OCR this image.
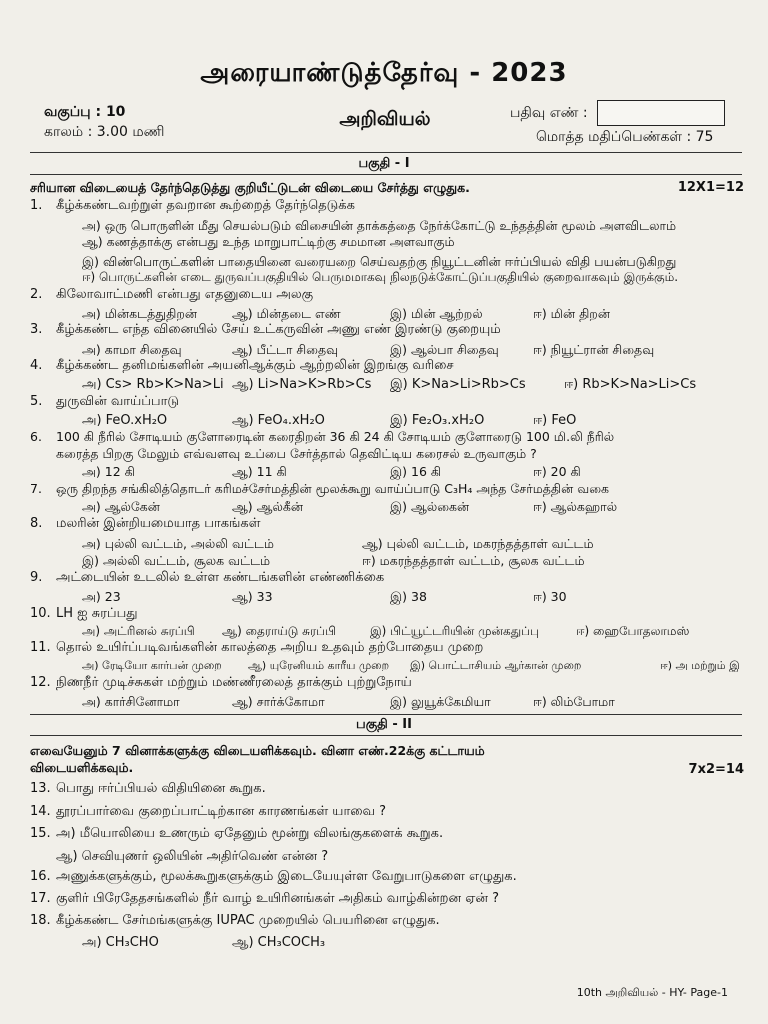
அரையாண்டுத்தேர்வு - 2023
வகுப்பு : 10
காலம் : 3.00 மணி
அறிவியல்	பதிவு எண் :
மொத்த மதிப்பெண்கள் : 75
பகுதி - I
சரியான விடையைத் தேர்ந்தெடுத்து குறியீட்டுடன் விடையை சேர்த்து எழுதுக.	12X1=12
1. கீழ்க்கண்டவற்றுள் தவறான கூற்றைத் தேர்ந்தெடுக்க
அ) ஒரு பொருளின் மீது செயல்படும் விசையின் தாக்கத்தை நேர்க்கோட்டு உந்தத்தின் மூலம் அளவிடலாம்
ஆ) கணத்தாக்கு என்பது உந்த மாறுபாட்டிற்கு சமமான அளவாகும்
இ) விண்பொருட்களின் பாதையினை வரையறை செய்வதற்கு நியூட்டனின் ஈர்ப்பியல் விதி பயன்படுகிறது
ஈ) பொருட்களின் எடை துருவப்பகுதியில் பெருமமாகவு நிலநடுக்கோட்டுப்பகுதியில் குறைவாகவும் இருக்கும்.
2. கிலோவாட்மணி என்பது எதனுடைய அலகு
அ) மின்கடத்துதிறன்	ஆ) மின்தடை எண்	இ) மின் ஆற்றல்	ஈ) மின் திறன்
3. கீழ்க்கண்ட எந்த வினையில் சேய் உட்கருவின் அணு எண் இரண்டு குறையும்
அ) காமா சிதைவு	ஆ) பீட்டா சிதைவு	இ) ஆல்பா சிதைவு	ஈ) நியூட்ரான் சிதைவு
4. கீழ்க்கண்ட தனிமங்களின் அயனிஆக்கும் ஆற்றலின் இறங்கு வரிசை
அ) Cs> Rb>K>Na>Li ஆ) Li>Na>K>Rb>Cs இ) K>Na>Li>Rb>Cs	ஈ) Rb>K>Na>Li>Cs
5. துருவின் வாய்ப்பாடு
அ) FeO.xH₂O	ஆ) FeO₄.xH₂O	இ) Fe₂O₃.xH₂O	ஈ) FeO
6. 100 கி நீரில் சோடியம் குளோரைடின் கரைதிறன் 36 கி 24 கி சோடியம் குளோரைடு 100 மி.லி நீரில்
கரைத்த பிறகு மேலும் எவ்வளவு உப்பை சேர்த்தால் தெவிட்டிய கரைசல் உருவாகும் ?
அ) 12 கி	ஆ) 11 கி	இ) 16 கி	ஈ) 20 கி
7. ஒரு திறந்த சங்கிலித்தொடர் கரிமச்சேர்மத்தின் மூலக்கூறு வாய்ப்பாடு C₃H₄ அந்த சேர்மத்தின் வகை
அ) ஆல்கேன்	ஆ) ஆல்கீன்	இ) ஆல்கைன்	ஈ) ஆல்கஹால்
8. மலரின் இன்றியமையாத பாகங்கள்
அ) புல்லி வட்டம், அல்லி வட்டம்	ஆ) புல்லி வட்டம், மகரந்தத்தாள் வட்டம்
இ) அல்லி வட்டம், சூலக வட்டம்	ஈ) மகரந்தத்தாள் வட்டம், சூலக வட்டம்
9. அட்டையின் உடலில் உள்ள கண்டங்களின் எண்ணிக்கை
அ) 23	ஆ) 33	இ) 38	ஈ) 30
10. LH ஐ சுரப்பது
அ) அட்ரினல் சுரப்பி ஆ) தைராய்டு சுரப்பி	இ) பிட்யூட்டரியின் முன்கதுப்பு	ஈ) ஹைபோதலாமஸ்
11. தொல் உயிர்ப்படிவங்களின் காலத்தை அறிய உதவும் தற்போதைய முறை
அ) ரேடியோ கார்பன் முறை ஆ) யுரேனியம் காரீய முறை இ) பொட்டாசியம் ஆர்கான் முறை	ஈ) அ மற்றும் இ
12. நிணநீர் முடிச்சுகள் மற்றும் மண்ணீரலைத் தாக்கும் புற்றுநோய்
அ) கார்சினோமா	ஆ) சார்க்கோமா	இ) லுயூக்கேமியா	ஈ) லிம்போமா
பகுதி - II
எவையேனும் 7 வினாக்களுக்கு விடையளிக்கவும். வினா எண்.22க்கு கட்டாயம்
விடையளிக்கவும்.	7x2=14
13. பொது ஈர்ப்பியல் விதியினை கூறுக.
14. தூரப்பார்வை குறைப்பாட்டிற்கான காரணங்கள் யாவை ?
15. அ) மீயொலியை உணரும் ஏதேனும் மூன்று விலங்குகளைக் கூறுக.
ஆ) செவியுணர் ஒலியின் அதிர்வெண் என்ன ?
16. அணுக்களுக்கும், மூலக்கூறுகளுக்கும் இடையேயுள்ள வேறுபாடுகளை எழுதுக.
17. குளிர் பிரேதேதசங்களில் நீர் வாழ் உயிரினங்கள் அதிகம் வாழ்கின்றன ஏன் ?
18. கீழ்க்கண்ட சேர்மங்களுக்கு IUPAC முறையில் பெயரினை எழுதுக.
அ) CH₃CHO	ஆ) CH₃COCH₃
10th அறிவியல் - HY- Page-1
